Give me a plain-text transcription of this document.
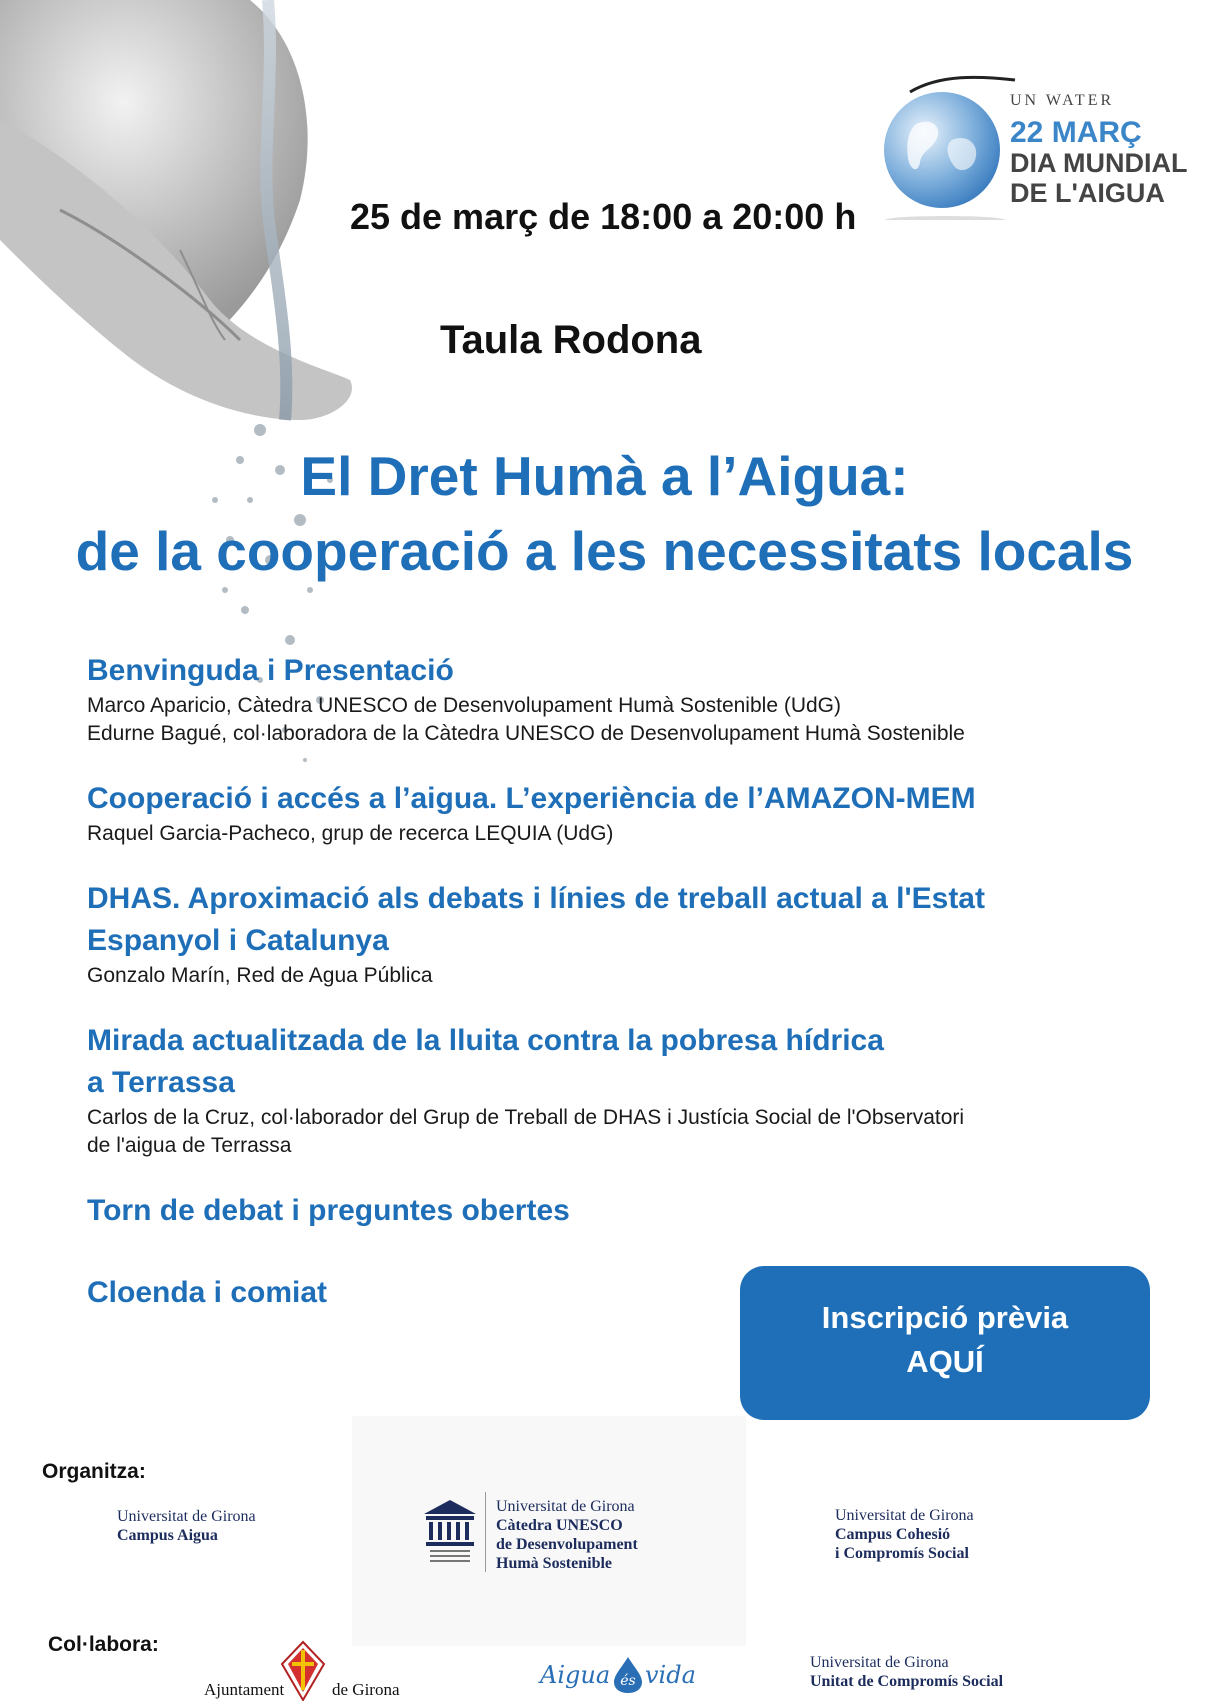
UN WATER
22 MARÇ
DIA MUNDIAL
DE L'AIGUA
25 de març de 18:00 a 20:00 h
Taula Rodona
El Dret Humà a l’Aigua:
de la cooperació a les necessitats locals
Benvinguda i Presentació

Marco Aparicio, Càtedra UNESCO de Desenvolupament Humà Sostenible (UdG)

Edurne Bagué, col·laboradora de la Càtedra UNESCO de Desenvolupament Humà Sostenible

Cooperació i accés a l’aigua. L’experiència de l’AMAZON-MEM

Raquel Garcia-Pacheco, grup de recerca LEQUIA (UdG)

DHAS. Aproximació als debats i línies de treball actual a l'Estat
Espanyol i Catalunya

Gonzalo Marín, Red de Agua Pública

Mirada actualitzada de la lluita contra la pobresa hídrica
a Terrassa

Carlos de la Cruz, col·laborador del Grup de Treball de DHAS i Justícia Social de l'Observatori

de l'aigua de Terrassa

Torn de debat i preguntes obertes
Cloenda i comiat
Inscripció prèvia
AQUÍ
Organitza:
Universitat de Girona
Campus Aigua
Universitat de Girona
Càtedra UNESCO
de Desenvolupament
Humà Sostenible
Universitat de Girona
Campus Cohesió
i Compromís Social
Col·labora:
Ajuntament	de Girona
Aigua és vida	Universitat de Girona
Unitat de Compromís Social
